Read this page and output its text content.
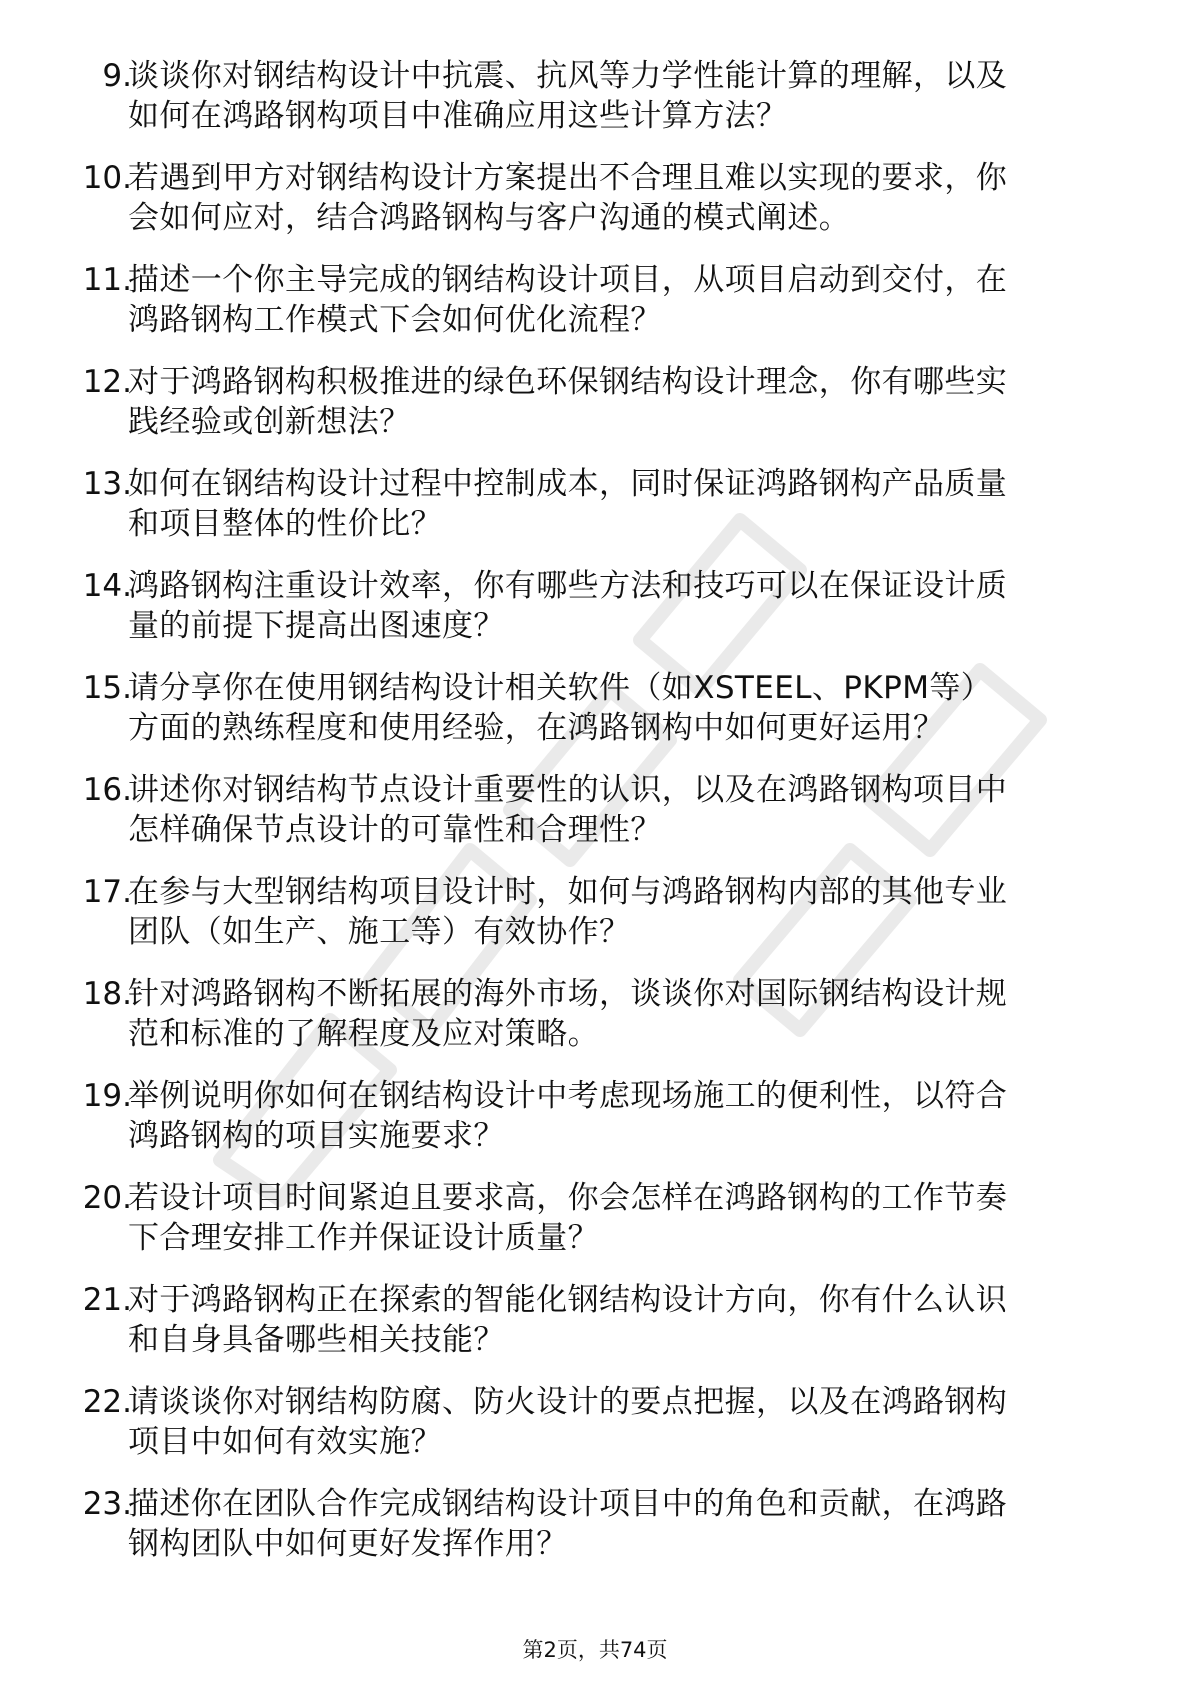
9.
谈谈你对钢结构设计中抗震、抗风等力学性能计算的理解，以及
如何在鸿路钢构项目中准确应用这些计算方法？
10.
若遇到甲方对钢结构设计方案提出不合理且难以实现的要求，你
会如何应对，结合鸿路钢构与客户沟通的模式阐述。
11.
描述一个你主导完成的钢结构设计项目，从项目启动到交付，在
鸿路钢构工作模式下会如何优化流程？
12.
对于鸿路钢构积极推进的绿色环保钢结构设计理念，你有哪些实
践经验或创新想法？
13.
如何在钢结构设计过程中控制成本，同时保证鸿路钢构产品质量
和项目整体的性价比？
14.
鸿路钢构注重设计效率，你有哪些方法和技巧可以在保证设计质
量的前提下提高出图速度？
15.
请分享你在使用钢结构设计相关软件（如XSTEEL、PKPM等）
方面的熟练程度和使用经验，在鸿路钢构中如何更好运用？
16.
讲述你对钢结构节点设计重要性的认识，以及在鸿路钢构项目中
怎样确保节点设计的可靠性和合理性？
17.
在参与大型钢结构项目设计时，如何与鸿路钢构内部的其他专业
团队（如生产、施工等）有效协作？
18.
针对鸿路钢构不断拓展的海外市场，谈谈你对国际钢结构设计规
范和标准的了解程度及应对策略。
19.
举例说明你如何在钢结构设计中考虑现场施工的便利性，以符合
鸿路钢构的项目实施要求？
20.
若设计项目时间紧迫且要求高，你会怎样在鸿路钢构的工作节奏
下合理安排工作并保证设计质量？
21.
对于鸿路钢构正在探索的智能化钢结构设计方向，你有什么认识
和自身具备哪些相关技能？
22.
请谈谈你对钢结构防腐、防火设计的要点把握，以及在鸿路钢构
项目中如何有效实施？
23.
描述你在团队合作完成钢结构设计项目中的角色和贡献，在鸿路
钢构团队中如何更好发挥作用？
第2页，共74页
